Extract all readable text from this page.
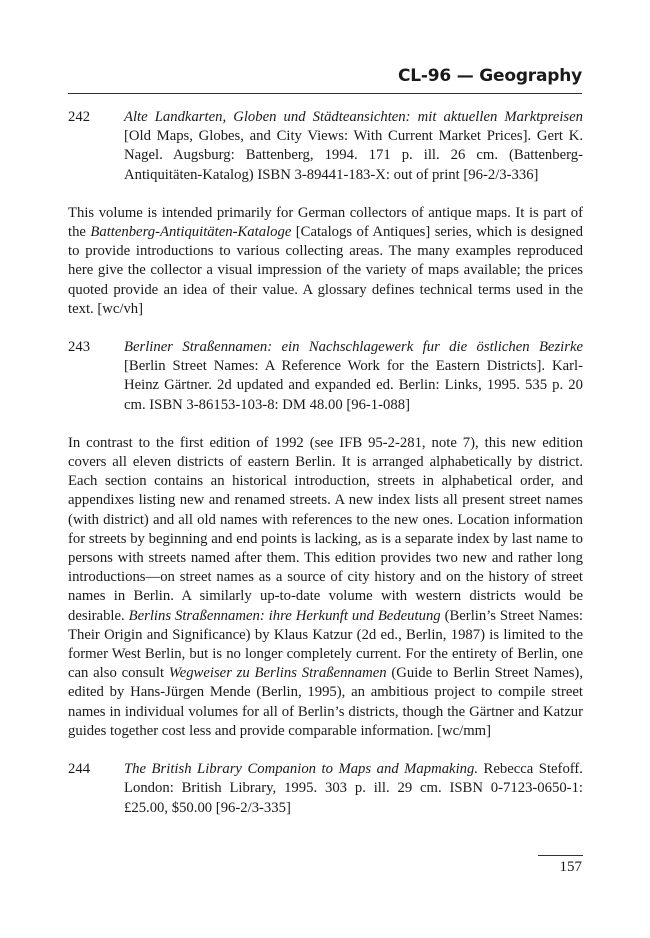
CL-96 — Geography
242	Alte Landkarten, Globen und Städteansichten: mit aktuellen Marktpreisen [Old Maps, Globes, and City Views: With Current Market Prices]. Gert K. Nagel. Augsburg: Battenberg, 1994. 171 p. ill. 26 cm. (Battenberg-Antiquitäten-Katalog) ISBN 3-89441-183-X: out of print [96-2/3-336]

This volume is intended primarily for German collectors of antique maps. It is part of the Battenberg-Antiquitäten-Kataloge [Catalogs of Antiques] series, which is designed to provide introductions to various collecting areas. The many examples reproduced here give the collector a visual impression of the variety of maps available; the prices quoted provide an idea of their value. A glossary defines technical terms used in the text. [wc/vh]

243	Berliner Straßennamen: ein Nachschlagewerk fur die östlichen Bezirke [Berlin Street Names: A Reference Work for the Eastern Districts]. Karl-Heinz Gärtner. 2d updated and expanded ed. Berlin: Links, 1995. 535 p. 20 cm. ISBN 3-86153-103-8: DM 48.00 [96-1-088]

In contrast to the first edition of 1992 (see IFB 95-2-281, note 7), this new edition covers all eleven districts of eastern Berlin. It is arranged alphabetically by district. Each section contains an historical introduction, streets in alphabetical order, and appendixes listing new and renamed streets. A new index lists all present street names (with district) and all old names with references to the new ones. Location information for streets by beginning and end points is lacking, as is a separate index by last name to persons with streets named after them. This edition provides two new and rather long introductions—on street names as a source of city history and on the history of street names in Berlin. A similarly up-to-date volume with western districts would be desirable. Berlins Straßennamen: ihre Herkunft und Bedeutung (Berlin’s Street Names: Their Origin and Significance) by Klaus Katzur (2d ed., Berlin, 1987) is limited to the former West Berlin, but is no longer completely current. For the entirety of Berlin, one can also consult Wegweiser zu Berlins Straßennamen (Guide to Berlin Street Names), edited by Hans-Jürgen Mende (Berlin, 1995), an ambitious project to compile street names in individual volumes for all of Berlin’s districts, though the Gärtner and Katzur guides together cost less and provide comparable information. [wc/mm]

244	The British Library Companion to Maps and Mapmaking. Rebecca Stefoff. London: British Library, 1995. 303 p. ill. 29 cm. ISBN 0-7123-0650-1: £25.00, $50.00 [96-2/3-335]
157
